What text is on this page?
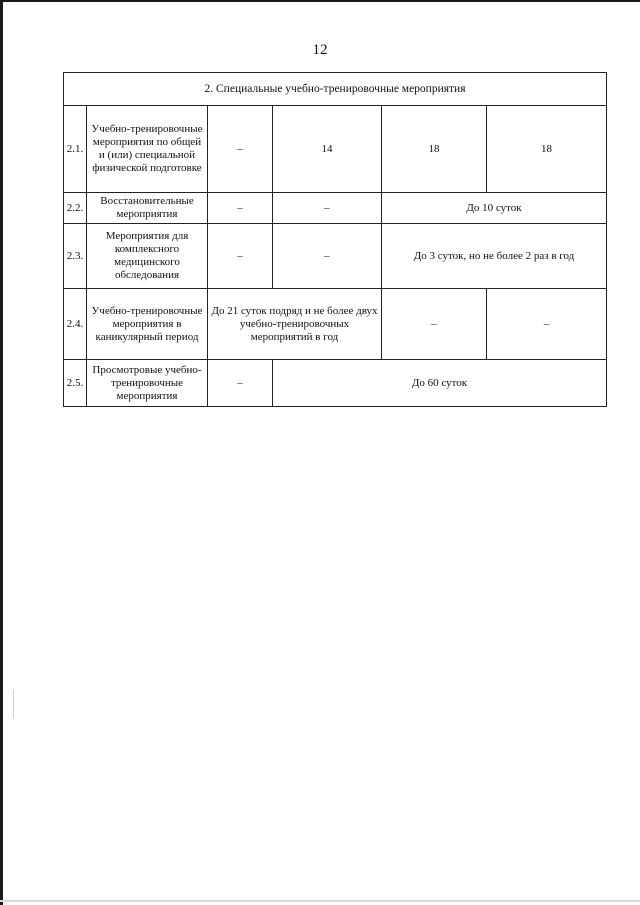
12
2. Специальные учебно-тренировочные мероприятия					
2.1.	Учебно-тренировочные мероприятия по общей и (или) специальной физической подготовке	–	14	18	18
2.2.	Восстановительные мероприятия	–	–	До 10 суток	
2.3.	Мероприятия для комплексного медицинского обследования	–	–	До 3 суток, но не более 2 раз в год	
2.4.	Учебно-тренировочные мероприятия в каникулярный период	До 21 суток подряд и не более двух учебно-тренировочных мероприятий в год		–	–
2.5.	Просмотровые учебно-тренировочные мероприятия	–	До 60 суток		
